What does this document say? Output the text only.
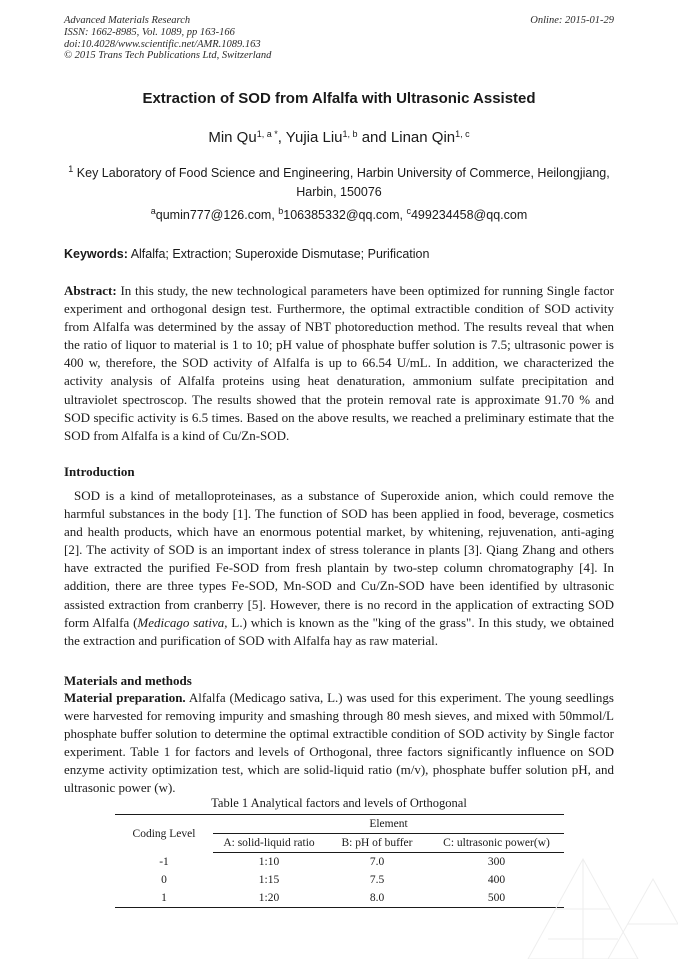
Advanced Materials Research
ISSN: 1662-8985, Vol. 1089, pp 163-166
doi:10.4028/www.scientific.net/AMR.1089.163
© 2015 Trans Tech Publications Ltd, Switzerland
Online: 2015-01-29
Extraction of SOD from Alfalfa with Ultrasonic Assisted
Min $Qu^{1, a *}$, Yujia Liu$^{1, b}$ and Linan Qin$^{1, c}$
$^1$ Key Laboratory of Food Science and Engineering, Harbin University of Commerce, Heilongjiang, Harbin, 150076
$^a$qumin777@126.com, $^b$106385332@qq.com, $^c$499234458@qq.com
Keywords: Alfalfa; Extraction; Superoxide Dismutase; Purification
Abstract: In this study, the new technological parameters have been optimized for running Single factor experiment and orthogonal design test. Furthermore, the optimal extractible condition of SOD activity from Alfalfa was determined by the assay of NBT photoreduction method. The results reveal that when the ratio of liquor to material is 1 to 10; pH value of phosphate buffer solution is 7.5; ultrasonic power is 400 w, therefore, the SOD activity of Alfalfa is up to 66.54 U/mL. In addition, we characterized the activity analysis of Alfalfa proteins using heat denaturation, ammonium sulfate precipitation and ultraviolet spectroscop. The results showed that the protein removal rate is approximate 91.70 % and SOD specific activity is 6.5 times. Based on the above results, we reached a preliminary estimate that the SOD from Alfalfa is a kind of Cu/Zn-SOD.
Introduction
SOD is a kind of metalloproteinases, as a substance of Superoxide anion, which could remove the harmful substances in the body [1]. The function of SOD has been applied in food, beverage, cosmetics and health products, which have an enormous potential market, by whitening, rejuvenation, anti-aging [2]. The activity of SOD is an important index of stress tolerance in plants [3]. Qiang Zhang and others have extracted the purified Fe-SOD from fresh plantain by two-step column chromatography [4]. In addition, there are three types Fe-SOD, Mn-SOD and Cu/Zn-SOD have been identified by ultrasonic assisted extraction from cranberry [5]. However, there is no record in the application of extracting SOD form Alfalfa (Medicago sativa, L.) which is known as the "king of the grass". In this study, we obtained the extraction and purification of SOD with Alfalfa hay as raw material.
Materials and methods
Material preparation. Alfalfa (Medicago sativa, L.) was used for this experiment. The young seedlings were harvested for removing impurity and smashing through 80 mesh sieves, and mixed with 50mmol/L phosphate buffer solution to determine the optimal extractible condition of SOD activity by Single factor experiment. Table 1 for factors and levels of Orthogonal, three factors significantly influence on SOD enzyme activity optimization test, which are solid-liquid ratio (m/v), phosphate buffer solution pH, and ultrasonic power (w).
Table 1 Analytical factors and levels of Orthogonal
Coding Level	Element		
	A: solid-liquid ratio	B: pH of buffer	C: ultrasonic power(w)
-1	1:10	7.0	300
0	1:15	7.5	400
1	1:20	8.0	500
